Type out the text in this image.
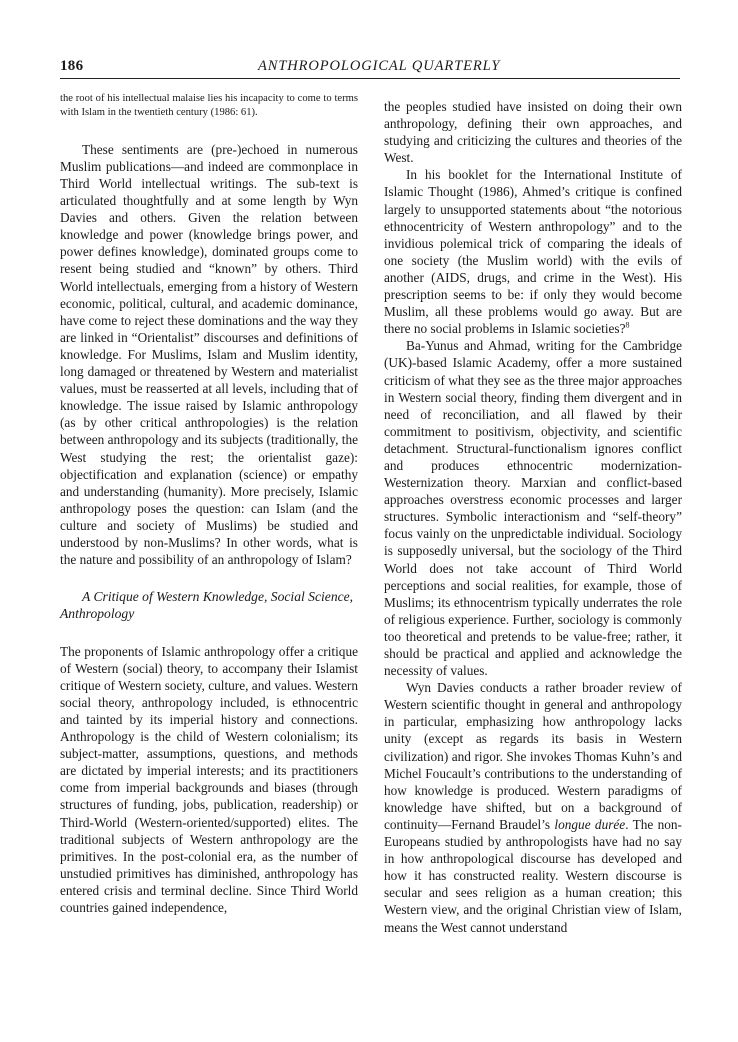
186	ANTHROPOLOGICAL QUARTERLY

the root of his intellectual malaise lies his incapacity to come to terms with Islam in the twentieth century (1986: 61).

These sentiments are (pre-)echoed in numerous Muslim publications—and indeed are commonplace in Third World intellectual writings. The sub-text is articulated thoughtfully and at some length by Wyn Davies and others. Given the relation between knowledge and power (knowledge brings power, and power defines knowledge), dominated groups come to resent being studied and “known” by others. Third World intellectuals, emerging from a history of Western economic, political, cultural, and academic dominance, have come to reject these dominations and the way they are linked in “Orientalist” discourses and definitions of knowledge. For Muslims, Islam and Muslim identity, long damaged or threatened by Western and materialist values, must be reasserted at all levels, including that of knowledge. The issue raised by Islamic anthropology (as by other critical anthropologies) is the relation between anthropology and its subjects (traditionally, the West studying the rest; the orientalist gaze): objectification and explanation (science) or empathy and understanding (humanity). More precisely, Islamic anthropology poses the question: can Islam (and the culture and society of Muslims) be studied and understood by non-Muslims? In other words, what is the nature and possibility of an anthropology of Islam?

A Critique of Western Knowledge, Social Science, Anthropology

The proponents of Islamic anthropology offer a critique of Western (social) theory, to accompany their Islamist critique of Western society, culture, and values. Western social theory, anthropology included, is ethnocentric and tainted by its imperial history and connections. Anthropology is the child of Western colonialism; its subject-matter, assumptions, questions, and methods are dictated by imperial interests; and its practitioners come from imperial backgrounds and biases (through structures of funding, jobs, publication, readership) or Third-World (Western-oriented/supported) elites. The traditional subjects of Western anthropology are the primitives. In the post-colonial era, as the number of unstudied primitives has diminished, anthropology has entered crisis and terminal decline. Since Third World countries gained independence,

the peoples studied have insisted on doing their own anthropology, defining their own approaches, and studying and criticizing the cultures and theories of the West.

In his booklet for the International Institute of Islamic Thought (1986), Ahmed’s critique is confined largely to unsupported statements about “the notorious ethnocentricity of Western anthropology” and to the invidious polemical trick of comparing the ideals of one society (the Muslim world) with the evils of another (AIDS, drugs, and crime in the West). His prescription seems to be: if only they would become Muslim, all these problems would go away. But are there no social problems in Islamic societies?$^8$

Ba-Yunus and Ahmad, writing for the Cambridge (UK)-based Islamic Academy, offer a more sustained criticism of what they see as the three major approaches in Western social theory, finding them divergent and in need of reconciliation, and all flawed by their commitment to positivism, objectivity, and scientific detachment. Structural-functionalism ignores conflict and produces ethnocentric modernization-Westernization theory. Marxian and conflict-based approaches overstress economic processes and larger structures. Symbolic interactionism and “self-theory” focus vainly on the unpredictable individual. Sociology is supposedly universal, but the sociology of the Third World does not take account of Third World perceptions and social realities, for example, those of Muslims; its ethnocentrism typically underrates the role of religious experience. Further, sociology is commonly too theoretical and pretends to be value-free; rather, it should be practical and applied and acknowledge the necessity of values.

Wyn Davies conducts a rather broader review of Western scientific thought in general and anthropology in particular, emphasizing how anthropology lacks unity (except as regards its basis in Western civilization) and rigor. She invokes Thomas Kuhn’s and Michel Foucault’s contributions to the understanding of how knowledge is produced. Western paradigms of knowledge have shifted, but on a background of continuity—Fernand Braudel’s longue durée. The non-Europeans studied by anthropologists have had no say in how anthropological discourse has developed and how it has constructed reality. Western discourse is secular and sees religion as a human creation; this Western view, and the original Christian view of Islam, means the West cannot understand
